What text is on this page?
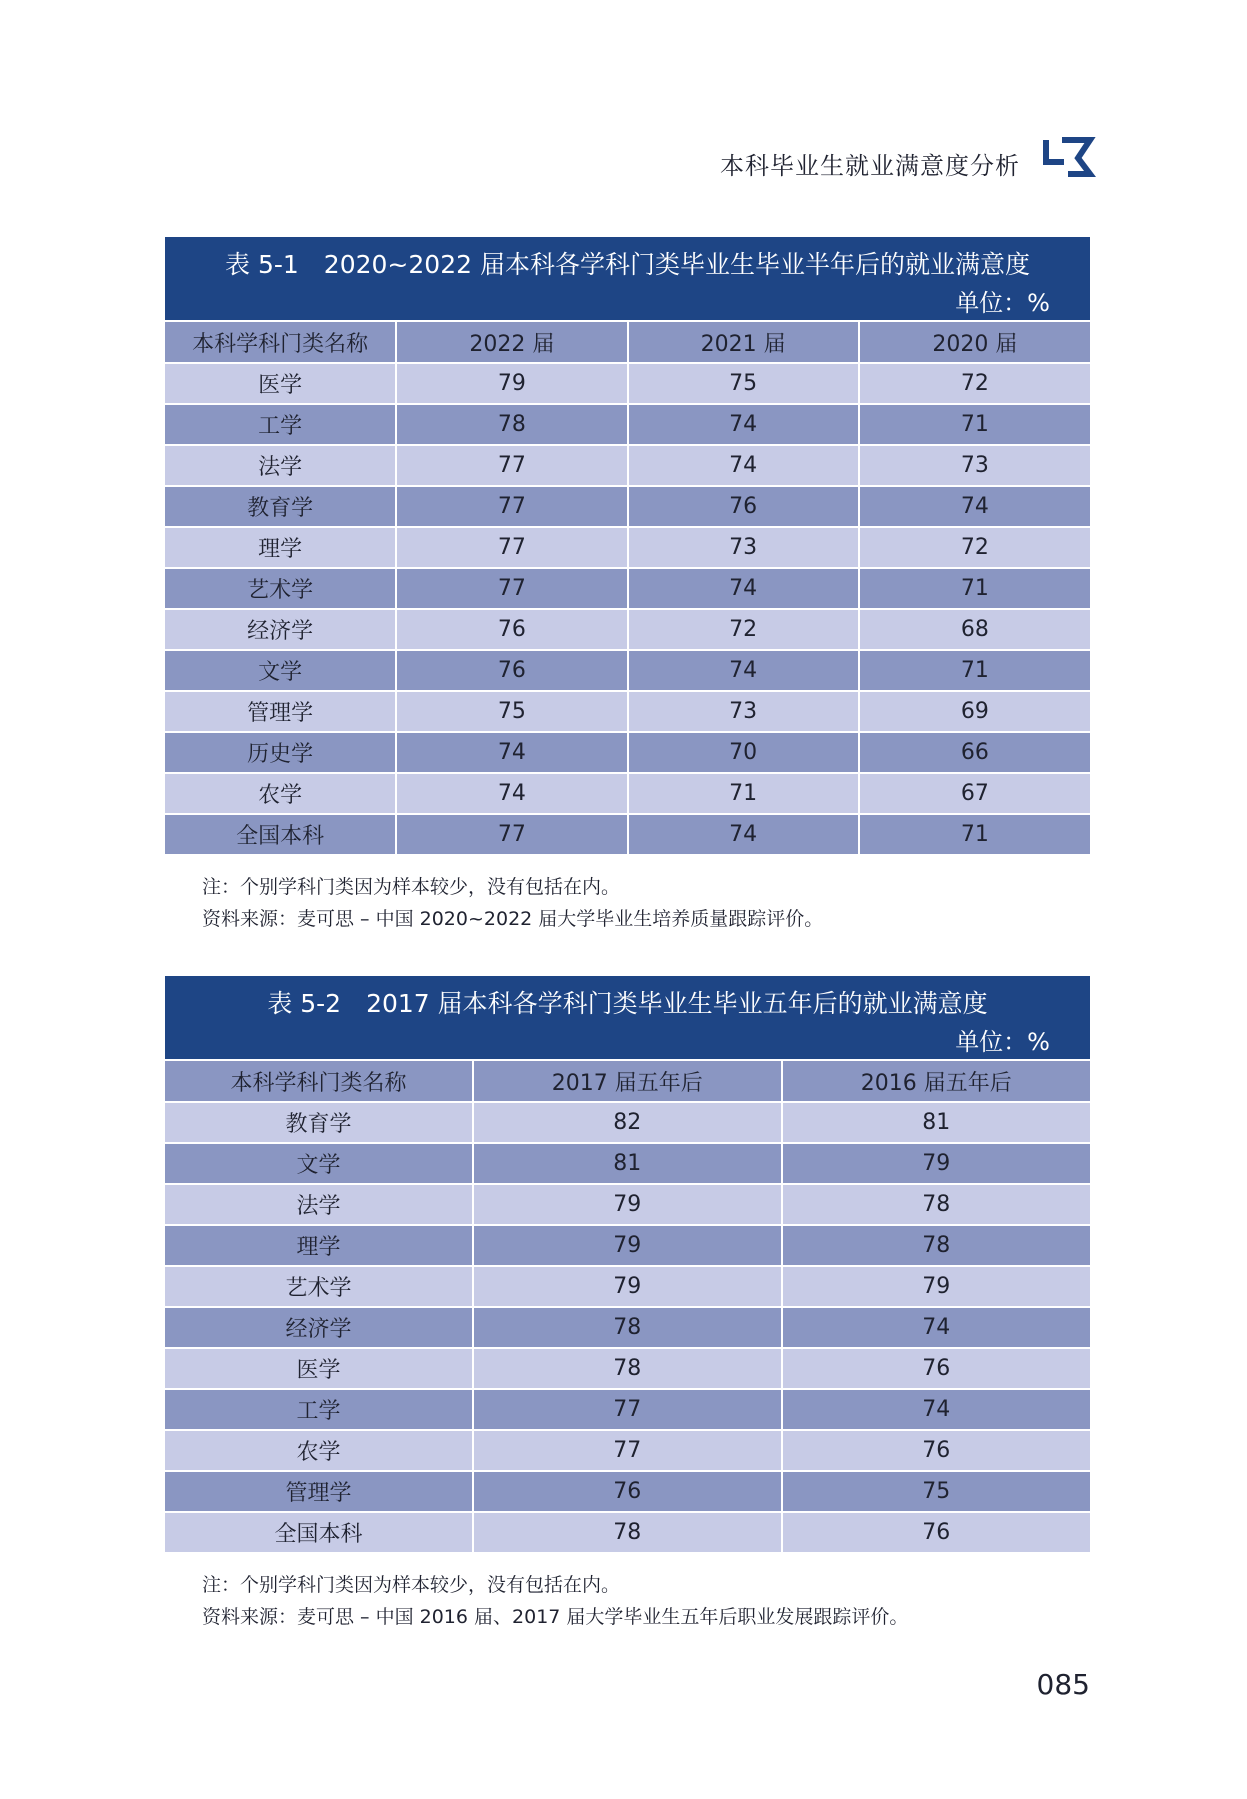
本科毕业生就业满意度分析
表 5-1　2020~2022 届本科各学科门类毕业生毕业半年后的就业满意度
单位：%
本科学科门类名称	2022 届	2021 届	2020 届
医学	79	75	72
工学	78	74	71
法学	77	74	73
教育学	77	76	74
理学	77	73	72
艺术学	77	74	71
经济学	76	72	68
文学	76	74	71
管理学	75	73	69
历史学	74	70	66
农学	74	71	67
全国本科	77	74	71
注：个别学科门类因为样本较少，没有包括在内。
资料来源：麦可思 – 中国 2020~2022 届大学毕业生培养质量跟踪评价。
表 5-2　2017 届本科各学科门类毕业生毕业五年后的就业满意度
单位：%
本科学科门类名称	2017 届五年后	2016 届五年后
教育学	82	81
文学	81	79
法学	79	78
理学	79	78
艺术学	79	79
经济学	78	74
医学	78	76
工学	77	74
农学	77	76
管理学	76	75
全国本科	78	76
注：个别学科门类因为样本较少，没有包括在内。
资料来源：麦可思 – 中国 2016 届、2017 届大学毕业生五年后职业发展跟踪评价。
085
